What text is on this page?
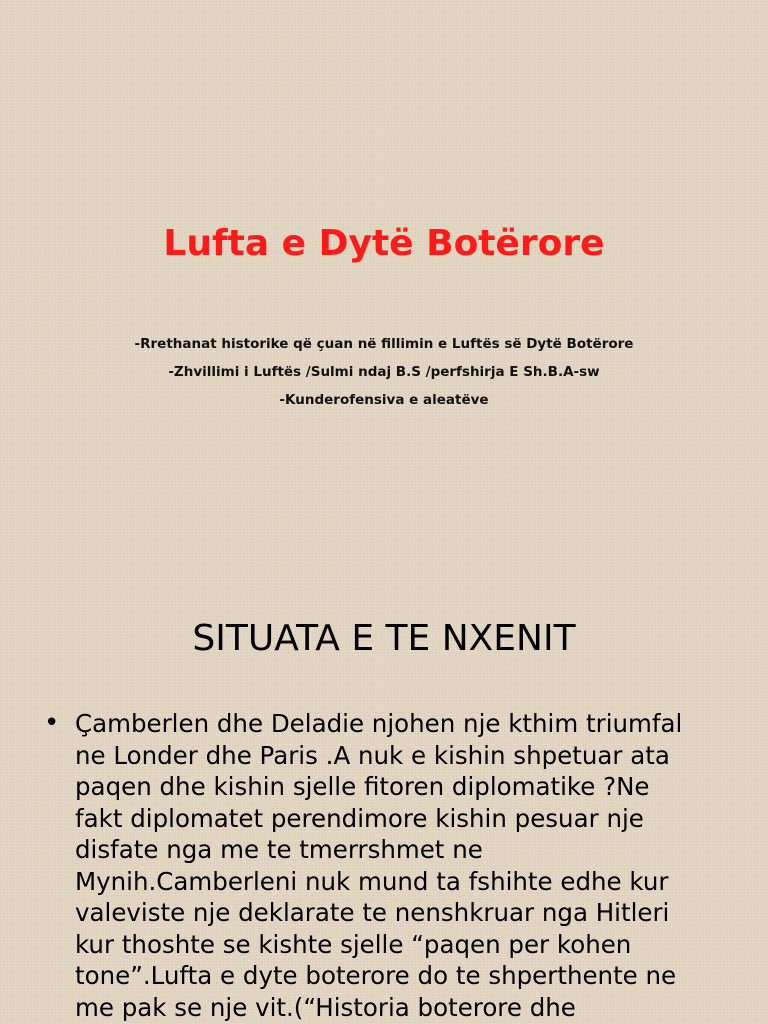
Lufta e Dytë Botërore
-Rrethanat historike që çuan në fillimin e Luftës së Dytë Botërore
-Zhvillimi i Luftës /Sulmi ndaj B.S /perfshirja E Sh.B.A-sw
-Kunderofensiva e aleatëve
SITUATA E TE NXENIT
• Çamberlen dhe Deladie njohen nje kthim triumfal
ne Londer dhe Paris .A nuk e kishin shpetuar ata
paqen dhe kishin sjelle fitoren diplomatike ?Ne
fakt diplomatet perendimore kishin pesuar nje
disfate nga me te tmerrshmet ne
Mynih.Camberleni nuk mund ta fshihte edhe kur
valeviste nje deklarate te nenshkruar nga Hitleri
kur thoshte se kishte sjelle “paqen per kohen
tone”.Lufta e dyte boterore do te shperthente ne
me pak se nje vit.(“Historia boterore dhe
